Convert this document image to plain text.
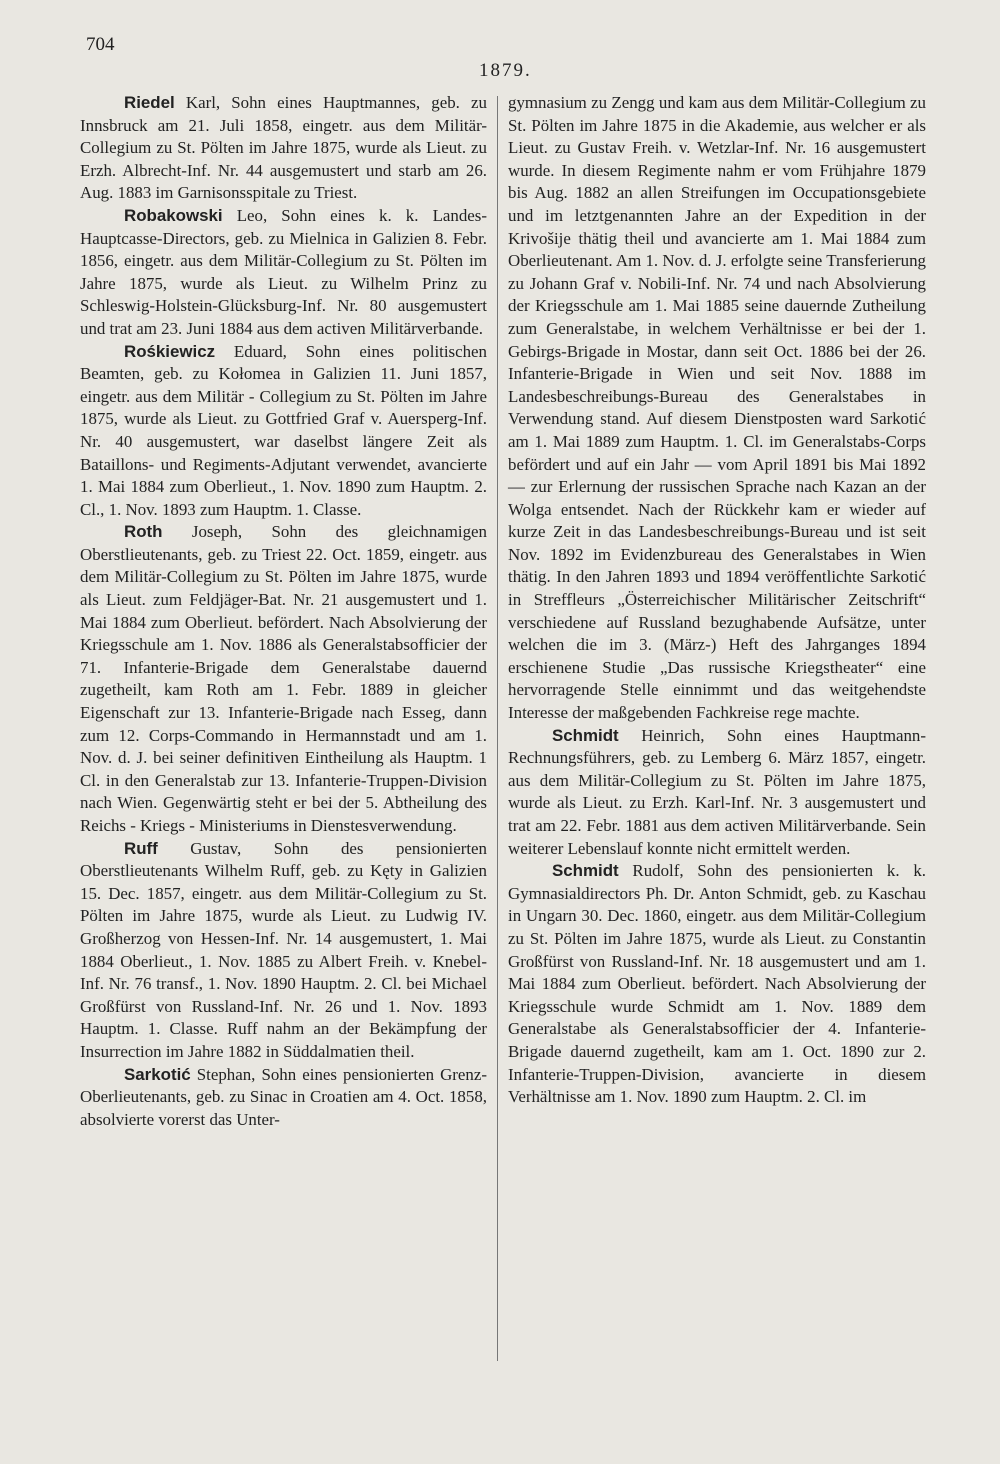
704
1879.

Riedel Karl, Sohn eines Hauptmannes, geb. zu Innsbruck am 21. Juli 1858, eingetr. aus dem Militär-Collegium zu St. Pölten im Jahre 1875, wurde als Lieut. zu Erzh. Albrecht-Inf. Nr. 44 ausgemustert und starb am 26. Aug. 1883 im Garnisonsspitale zu Triest.

Robakowski Leo, Sohn eines k. k. Landes-Hauptcasse-Directors, geb. zu Mielnica in Galizien 8. Febr. 1856, eingetr. aus dem Militär-Collegium zu St. Pölten im Jahre 1875, wurde als Lieut. zu Wilhelm Prinz zu Schleswig-Holstein-Glücksburg-Inf. Nr. 80 ausgemustert und trat am 23. Juni 1884 aus dem activen Militärverbande.

Rośkiewicz Eduard, Sohn eines politischen Beamten, geb. zu Kołomea in Galizien 11. Juni 1857, eingetr. aus dem Militär - Collegium zu St. Pölten im Jahre 1875, wurde als Lieut. zu Gottfried Graf v. Auersperg-Inf. Nr. 40 ausgemustert, war daselbst längere Zeit als Bataillons- und Regiments-Adjutant verwendet, avancierte 1. Mai 1884 zum Oberlieut., 1. Nov. 1890 zum Hauptm. 2. Cl., 1. Nov. 1893 zum Hauptm. 1. Classe.

Roth Joseph, Sohn des gleichnamigen Oberstlieutenants, geb. zu Triest 22. Oct. 1859, eingetr. aus dem Militär-Collegium zu St. Pölten im Jahre 1875, wurde als Lieut. zum Feldjäger-Bat. Nr. 21 ausgemustert und 1. Mai 1884 zum Oberlieut. befördert. Nach Absolvierung der Kriegsschule am 1. Nov. 1886 als Generalstabsofficier der 71. Infanterie-Brigade dem Generalstabe dauernd zugetheilt, kam Roth am 1. Febr. 1889 in gleicher Eigenschaft zur 13. Infanterie-Brigade nach Esseg, dann zum 12. Corps-Commando in Hermannstadt und am 1. Nov. d. J. bei seiner definitiven Eintheilung als Hauptm. 1 Cl. in den Generalstab zur 13. Infanterie-Truppen-Division nach Wien. Gegenwärtig steht er bei der 5. Abtheilung des Reichs - Kriegs - Ministeriums in Dienstesverwendung.

Ruff Gustav, Sohn des pensionierten Oberstlieutenants Wilhelm Ruff, geb. zu Kęty in Galizien 15. Dec. 1857, eingetr. aus dem Militär-Collegium zu St. Pölten im Jahre 1875, wurde als Lieut. zu Ludwig IV. Großherzog von Hessen-Inf. Nr. 14 ausgemustert, 1. Mai 1884 Oberlieut., 1. Nov. 1885 zu Albert Freih. v. Knebel-Inf. Nr. 76 transf., 1. Nov. 1890 Hauptm. 2. Cl. bei Michael Großfürst von Russland-Inf. Nr. 26 und 1. Nov. 1893 Hauptm. 1. Classe. Ruff nahm an der Bekämpfung der Insurrection im Jahre 1882 in Süddalmatien theil.

Sarkotić Stephan, Sohn eines pensionierten Grenz-Oberlieutenants, geb. zu Sinac in Croatien am 4. Oct. 1858, absolvierte vorerst das Unter-

gymnasium zu Zengg und kam aus dem Militär-Collegium zu St. Pölten im Jahre 1875 in die Akademie, aus welcher er als Lieut. zu Gustav Freih. v. Wetzlar-Inf. Nr. 16 ausgemustert wurde. In diesem Regimente nahm er vom Frühjahre 1879 bis Aug. 1882 an allen Streifungen im Occupationsgebiete und im letztgenannten Jahre an der Expedition in der Krivošije thätig theil und avancierte am 1. Mai 1884 zum Oberlieutenant. Am 1. Nov. d. J. erfolgte seine Transferierung zu Johann Graf v. Nobili-Inf. Nr. 74 und nach Absolvierung der Kriegsschule am 1. Mai 1885 seine dauernde Zutheilung zum Generalstabe, in welchem Verhältnisse er bei der 1. Gebirgs-Brigade in Mostar, dann seit Oct. 1886 bei der 26. Infanterie-Brigade in Wien und seit Nov. 1888 im Landesbeschreibungs-Bureau des Generalstabes in Verwendung stand. Auf diesem Dienstposten ward Sarkotić am 1. Mai 1889 zum Hauptm. 1. Cl. im Generalstabs-Corps befördert und auf ein Jahr — vom April 1891 bis Mai 1892 — zur Erlernung der russischen Sprache nach Kazan an der Wolga entsendet. Nach der Rückkehr kam er wieder auf kurze Zeit in das Landesbeschreibungs-Bureau und ist seit Nov. 1892 im Evidenzbureau des Generalstabes in Wien thätig. In den Jahren 1893 und 1894 veröffentlichte Sarkotić in Streffleurs „Österreichischer Militärischer Zeitschrift“ verschiedene auf Russland bezughabende Aufsätze, unter welchen die im 3. (März-) Heft des Jahrganges 1894 erschienene Studie „Das russische Kriegstheater“ eine hervorragende Stelle einnimmt und das weitgehendste Interesse der maßgebenden Fachkreise rege machte.

Schmidt Heinrich, Sohn eines Hauptmann-Rechnungsführers, geb. zu Lemberg 6. März 1857, eingetr. aus dem Militär-Collegium zu St. Pölten im Jahre 1875, wurde als Lieut. zu Erzh. Karl-Inf. Nr. 3 ausgemustert und trat am 22. Febr. 1881 aus dem activen Militärverbande. Sein weiterer Lebenslauf konnte nicht ermittelt werden.

Schmidt Rudolf, Sohn des pensionierten k. k. Gymnasialdirectors Ph. Dr. Anton Schmidt, geb. zu Kaschau in Ungarn 30. Dec. 1860, eingetr. aus dem Militär-Collegium zu St. Pölten im Jahre 1875, wurde als Lieut. zu Constantin Großfürst von Russland-Inf. Nr. 18 ausgemustert und am 1. Mai 1884 zum Oberlieut. befördert. Nach Absolvierung der Kriegsschule wurde Schmidt am 1. Nov. 1889 dem Generalstabe als Generalstabsofficier der 4. Infanterie-Brigade dauernd zugetheilt, kam am 1. Oct. 1890 zur 2. Infanterie-Truppen-Division, avancierte in diesem Verhältnisse am 1. Nov. 1890 zum Hauptm. 2. Cl. im
